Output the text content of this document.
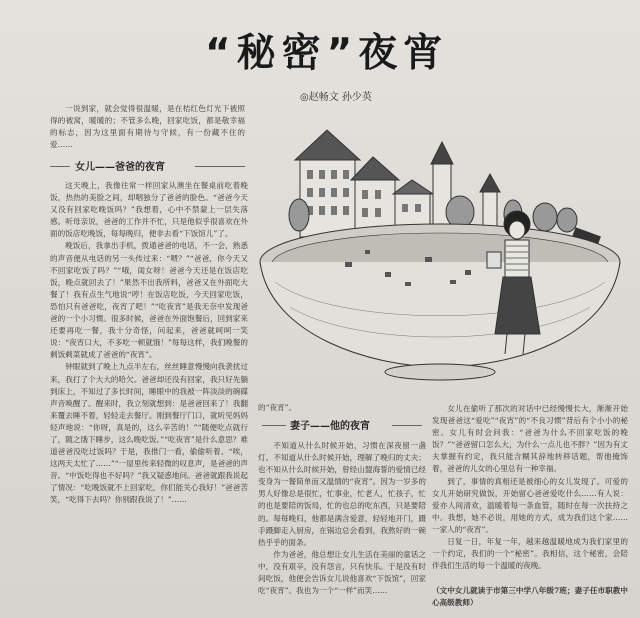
“秘密”夜宵
◎赵畅文 孙少英

一说到家，就会觉得很温暖，是在桔红色灯光下被照得的被窝，暖暖的；不管多么晚，回家吃饭，都是敬幸福的标志，因为这里面有期待与守候，有一份藏不住的爱……

女儿——爸爸的夜宵

这天晚上，我像往常一样回家从澳坐在餐桌前吃着晚饭，热热的美脸之间，却咽独分了爸爸的脸色。“爸爸今天又没有回家吃晚饭吗？”我想着，心中不禁蒙上一层失落感。听母亲说，爸爸的工作并不忙，只是他似乎很喜欢在外面的饭店吃晚饭，每每晚归，便非去看“下饭馆儿”了。

晚饭后，我拿出手机，拨通爸爸的电话，不一会，熟悉的声音便从电话的另一头传过来：“喂？”“爸爸，你今天又不回家吃饭了吗？”“哦，闺女呀！爸爸今天还是在饭店吃饭，晚点就回去了！”果然不出我所料，爸爸又在外面吃大餐了！我有点生气地说“哼！在饭店吃饭，今天回家吃饭，恐怕只有爸爸吃，夜宵了吧！”“吃夜宵”是我无奈中发现爸爸的一个小习惯。很多时候，爸爸在外面饱餐后，回到家来还要再吃一餐，我十分奇怪，问起来，爸爸就呵呵一笑说：“夜宵口大，不多吃一顿就饿！”每每这样，我们晚餐的剩饭剩菜就成了爸爸的“夜宵”。

钟眼就到了晚上九点半左右，丝丝睡意慢慢向我袭扰过来，我打了个大大的哈欠。爸爸却还没有回家，我只好先躺到床上，不知过了多长时间，睡眼中的我被一阵淡淡的碗碟声音唤醒了。醒来时，我立刻就想到：是爸爸回来了！我翻来覆去睡不着，轻轻走去餐厅。刚到餐厅门口，就听见妈妈轻声地说：“你呀，真是的，这么辛苦的！”“随便吃点就行了，随之饿下睡步，这么晚吃饭。”“吃夜宵”是什么意思？难道爸爸没吃过饭吗？于是，我推门一看，偷偷听着。“唉，这两天太忙了……”“一屋里传来轻微的叹息声，是爸爸的声音。“中饭吃得也不好吗？”我又疑惑地问。爸爸就跟我说起了情况：“吃晚饭就不上回家吃，你们能关心我好！”爸爸苦笑，“吃得下去吗？你别跟我说了！”……

的“夜宵”。
妻子——他的夜宵

不知道从什么时候开始，习惯在深夜留一盏灯。不知道从什么时候开始，理解了晚归的丈夫；也不知从什么时候开始，曾经山盟海誓的爱情已经变身为一餐简单而又温情的“夜宵”。因为一岁多的男人好像总是很忙，忙事业，忙老人，忙孩子，忙的也是要陪的饭局，忙的也总的吃东西，只是要陪的。每每晚归，他都是满含爱意，轻轻地开门，蹑手蹑脚走入厨房，在锅边总会看到，我熬好的一碗热乎乎的面条。

作为爸爸，他总想让女儿生活在美丽的童话之中，没有艰辛，没有怨言，只有快乐。于是没有时间吃饭，他便会告诉女儿说他喜欢“下饭馆”，回家吃“夜宵”。我也为一个“一样”而笑……

女儿在偷听了那次的对话中已经慢慢长大，渐渐开始发现爸爸这“爱吃”“夜宵”的“不良习惯”背后有个小小的秘密。女儿有时会问我：“爸爸为什么不回家吃饭的晚饭？”“爸爸留口怎么大，为什么一点儿也不胖？”因为有丈夫掌握有约定，我只能含糊其辞地转移话题，帮他掩饰着，爸爸的儿女的心里总有一种幸福。

到了，事情的真相还是被细心的女儿发现了。可爱的女儿开始研究做饭，开始留心爸爸爱吃什么……有人说：爱亦人间清欢，温暖着每一条血管，随时在每一次扶持之中。我想，她不必说，用她的方式，成为我们这个家……一家人的“夜宵”。

日复一日，年复一年，越来越温暖地成为我们家里的一个约定，我们的一个“秘密”。我相信，这个秘密，会陪伴我们生活的每一个温暖的夜晚。

（文中女儿就读于市第三中学八年级7班；妻子任市职教中心高级教师）
